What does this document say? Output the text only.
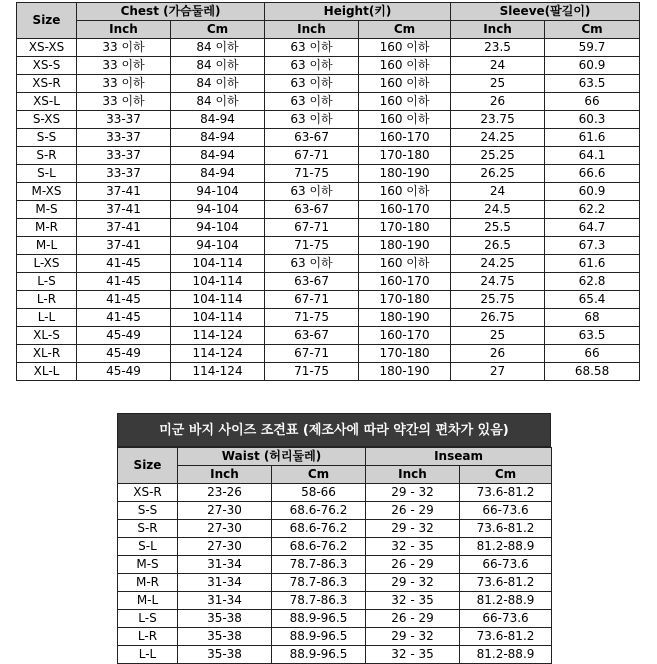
Size	Chest (가슴둘레)		Height(키)		Sleeve(팔길이)	
	Inch	Cm	Inch	Cm	Inch	Cm
XS-XS	33 이하	84 이하	63 이하	160 이하	23.5	59.7
XS-S	33 이하	84 이하	63 이하	160 이하	24	60.9
XS-R	33 이하	84 이하	63 이하	160 이하	25	63.5
XS-L	33 이하	84 이하	63 이하	160 이하	26	66
S-XS	33-37	84-94	63 이하	160 이하	23.75	60.3
S-S	33-37	84-94	63-67	160-170	24.25	61.6
S-R	33-37	84-94	67-71	170-180	25.25	64.1
S-L	33-37	84-94	71-75	180-190	26.25	66.6
M-XS	37-41	94-104	63 이하	160 이하	24	60.9
M-S	37-41	94-104	63-67	160-170	24.5	62.2
M-R	37-41	94-104	67-71	170-180	25.5	64.7
M-L	37-41	94-104	71-75	180-190	26.5	67.3
L-XS	41-45	104-114	63 이하	160 이하	24.25	61.6
L-S	41-45	104-114	63-67	160-170	24.75	62.8
L-R	41-45	104-114	67-71	170-180	25.75	65.4
L-L	41-45	104-114	71-75	180-190	26.75	68
XL-S	45-49	114-124	63-67	160-170	25	63.5
XL-R	45-49	114-124	67-71	170-180	26	66
XL-L	45-49	114-124	71-75	180-190	27	68.58
미군 바지 사이즈 조견표 (제조사에 따라 약간의 편차가 있음)
Size	Waist (허리둘레)		Inseam	
	Inch	Cm	Inch	Cm
XS-R	23-26	58-66	29 - 32	73.6-81.2
S-S	27-30	68.6-76.2	26 - 29	66-73.6
S-R	27-30	68.6-76.2	29 - 32	73.6-81.2
S-L	27-30	68.6-76.2	32 - 35	81.2-88.9
M-S	31-34	78.7-86.3	26 - 29	66-73.6
M-R	31-34	78.7-86.3	29 - 32	73.6-81.2
M-L	31-34	78.7-86.3	32 - 35	81.2-88.9
L-S	35-38	88.9-96.5	26 - 29	66-73.6
L-R	35-38	88.9-96.5	29 - 32	73.6-81.2
L-L	35-38	88.9-96.5	32 - 35	81.2-88.9
